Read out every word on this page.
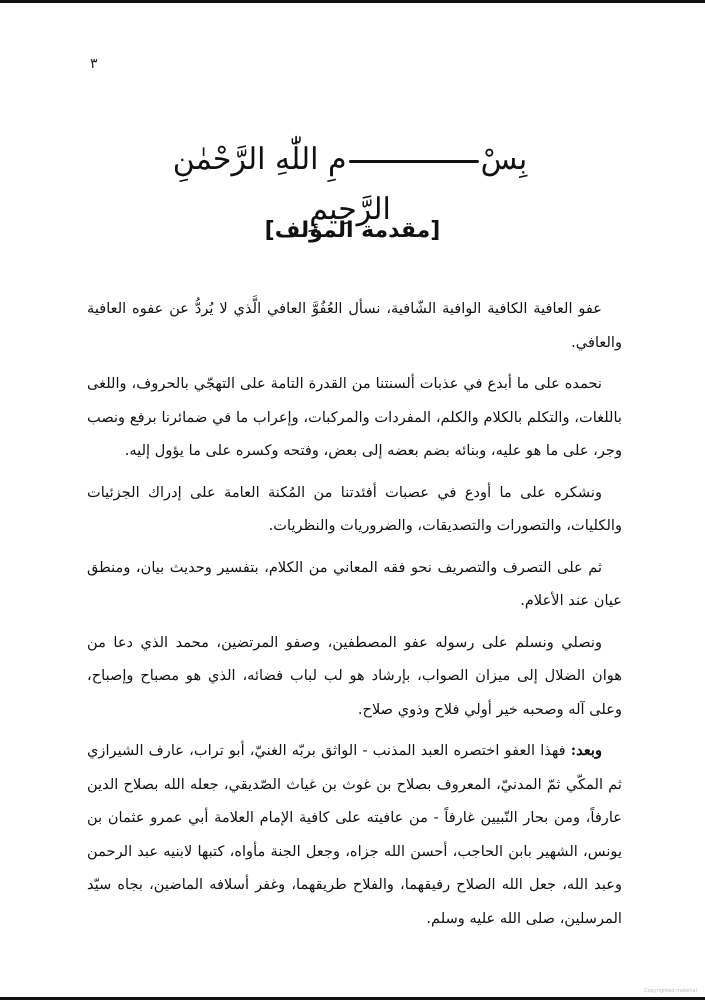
٣
بِسْمِ اللّٰهِ الرَّحْمٰنِ الرَّحِيمِ
[مقدمة المؤلف]

عفو العافية الكافية الوافية الشّافية، نسأل العُفُوَّ العافي الَّذي لا يُردُّ عن عفوه العافية والعافي.

نحمده على ما أبدع في عذبات ألسنتنا من القدرة التامة على التهجّي بالحروف، واللغى باللغات، والتكلم بالكلام والكلم، المفردات والمركبات، وإعراب ما في ضمائرنا برفع ونصب وجر، على ما هو عليه، وبنائه بضم بعضه إلى بعض، وفتحه وكسره على ما يؤول إليه.

ونشكره على ما أودع في عصبات أفئدتنا من المُكنة العامة على إدراك الجزئيات والكليات، والتصورات والتصديقات، والضروريات والنظريات.

ثم على التصرف والتصريف نحو فقه المعاني من الكلام، بتفسير وحديث بيان، ومنطق عيان عند الأعلام.

ونصلي ونسلم على رسوله عفو المصطفين، وصفو المرتضين، محمد الذي دعا من هوان الضلال إلى ميزان الصواب، بإرشاد هو لب لباب فضائه، الذي هو مصباح وإصباح، وعلى آله وصحبه خير أولي فلاح وذوي صلاح.

وبعد: فهذا العفو اختصره العبد المذنب - الواثق بربّه الغنيّ، أبو تراب، عارف الشيرازي ثم المكّي ثمّ المدنيّ، المعروف بصلاح بن غوث بن غياث الصّديقي، جعله الله بصلاح الدين عارفاً، ومن بحار النّبيين غارفاً - من عافيته على كافية الإمام العلامة أبي عمرو عثمان بن يونس، الشهير بابن الحاجب، أحسن الله جزاه، وجعل الجنة مأواه، كتبها لابنيه عبد الرحمن وعبد الله، جعل الله الصلاح رفيقهما، والفلاح طريقهما، وغفر أسلافه الماضين، بجاه سيّد المرسلين، صلى الله عليه وسلم.

Copyrighted material
